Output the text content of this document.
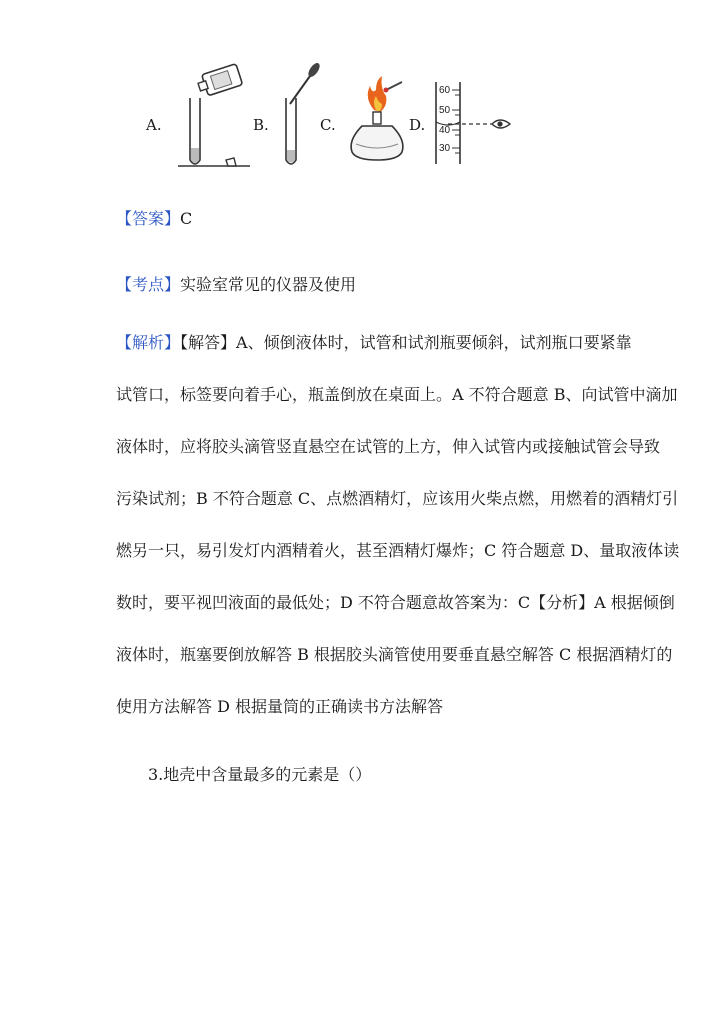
A.	B.	C.	D.
60
50
40
30
【答案】C
【考点】实验室常见的仪器及使用
【解析】【解答】A、倾倒液体时，试管和试剂瓶要倾斜，试剂瓶口要紧靠
试管口，标签要向着手心，瓶盖倒放在桌面上。A 不符合题意 B、向试管中滴加
液体时，应将胶头滴管竖直悬空在试管的上方，伸入试管内或接触试管会导致
污染试剂；B 不符合题意 C、点燃酒精灯，应该用火柴点燃，用燃着的酒精灯引
燃另一只，易引发灯内酒精着火，甚至酒精灯爆炸；C 符合题意 D、量取液体读
数时，要平视凹液面的最低处；D 不符合题意故答案为：C【分析】A 根据倾倒
液体时，瓶塞要倒放解答 B 根据胶头滴管使用要垂直悬空解答 C 根据酒精灯的
使用方法解答 D 根据量筒的正确读书方法解答
3.地壳中含量最多的元素是（）
